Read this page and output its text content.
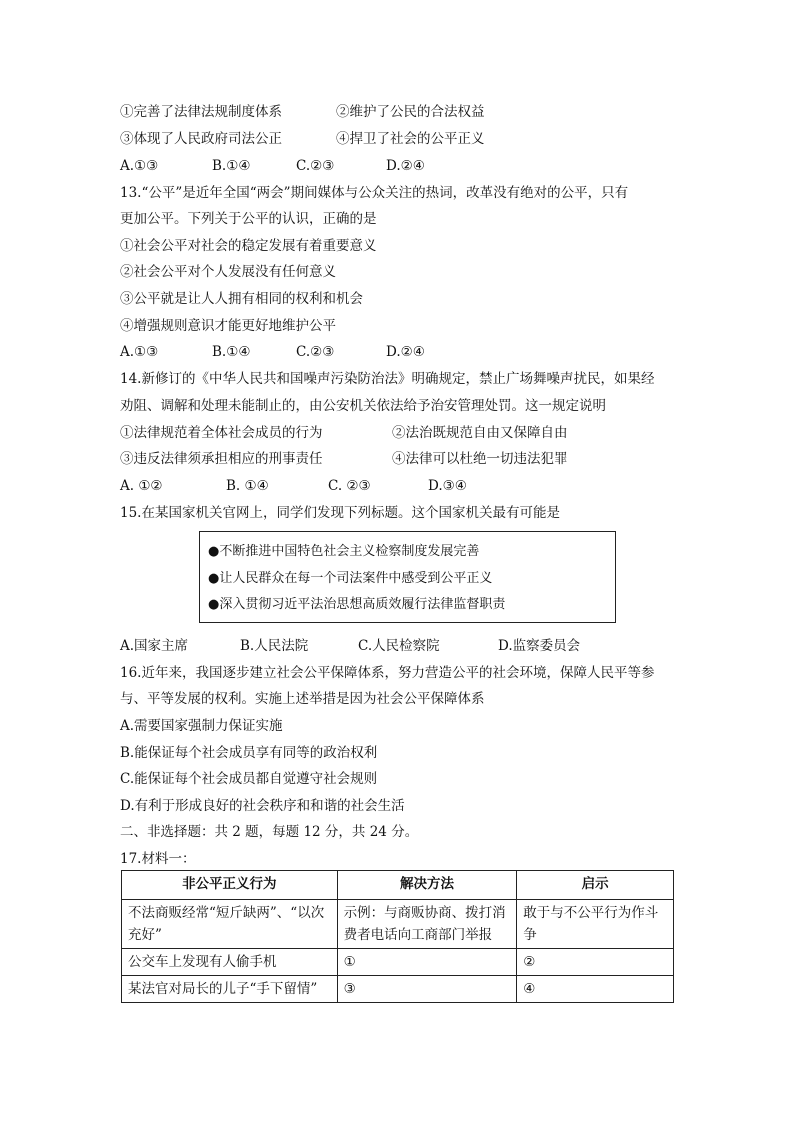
①完善了法律法规制度体系	②维护了公民的合法权益
③体现了人民政府司法公正	④捍卫了社会的公平正义
A.①③	B.①④	C.②③	D.②④
13.“公平”是近年全国“两会”期间媒体与公众关注的热词，改革没有绝对的公平，只有
更加公平。下列关于公平的认识，正确的是
①社会公平对社会的稳定发展有着重要意义
②社会公平对个人发展没有任何意义
③公平就是让人人拥有相同的权利和机会
④增强规则意识才能更好地维护公平
A.①③	B.①④	C.②③	D.②④
14.新修订的《中华人民共和国噪声污染防治法》明确规定，禁止广场舞噪声扰民，如果经
劝阻、调解和处理未能制止的，由公安机关依法给予治安管理处罚。这一规定说明
①法律规范着全体社会成员的行为	②法治既规范自由又保障自由
③违反法律须承担相应的刑事责任	④法律可以杜绝一切违法犯罪
A. ①②	B. ①④	C. ②③	D.③④
15.在某国家机关官网上，同学们发现下列标题。这个国家机关最有可能是
●不断推进中国特色社会主义检察制度发展完善
●让人民群众在每一个司法案件中感受到公平正义
●深入贯彻习近平法治思想高质效履行法律监督职责
A.国家主席	B.人民法院	C.人民检察院	D.监察委员会
16.近年来，我国逐步建立社会公平保障体系，努力营造公平的社会环境，保障人民平等参
与、平等发展的权利。实施上述举措是因为社会公平保障体系
A.需要国家强制力保证实施
B.能保证每个社会成员享有同等的政治权利
C.能保证每个社会成员都自觉遵守社会规则
D.有利于形成良好的社会秩序和和谐的社会生活
二、非选择题：共 2 题，每题 12 分，共 24 分。
17.材料一：
非公平正义行为	解决方法	启示
不法商贩经常“短斤缺两”、“以次充好”	示例：与商贩协商、拨打消费者电话向工商部门举报	敢于与不公平行为作斗争
公交车上发现有人偷手机	①	②
某法官对局长的儿子“手下留情”	③	④
